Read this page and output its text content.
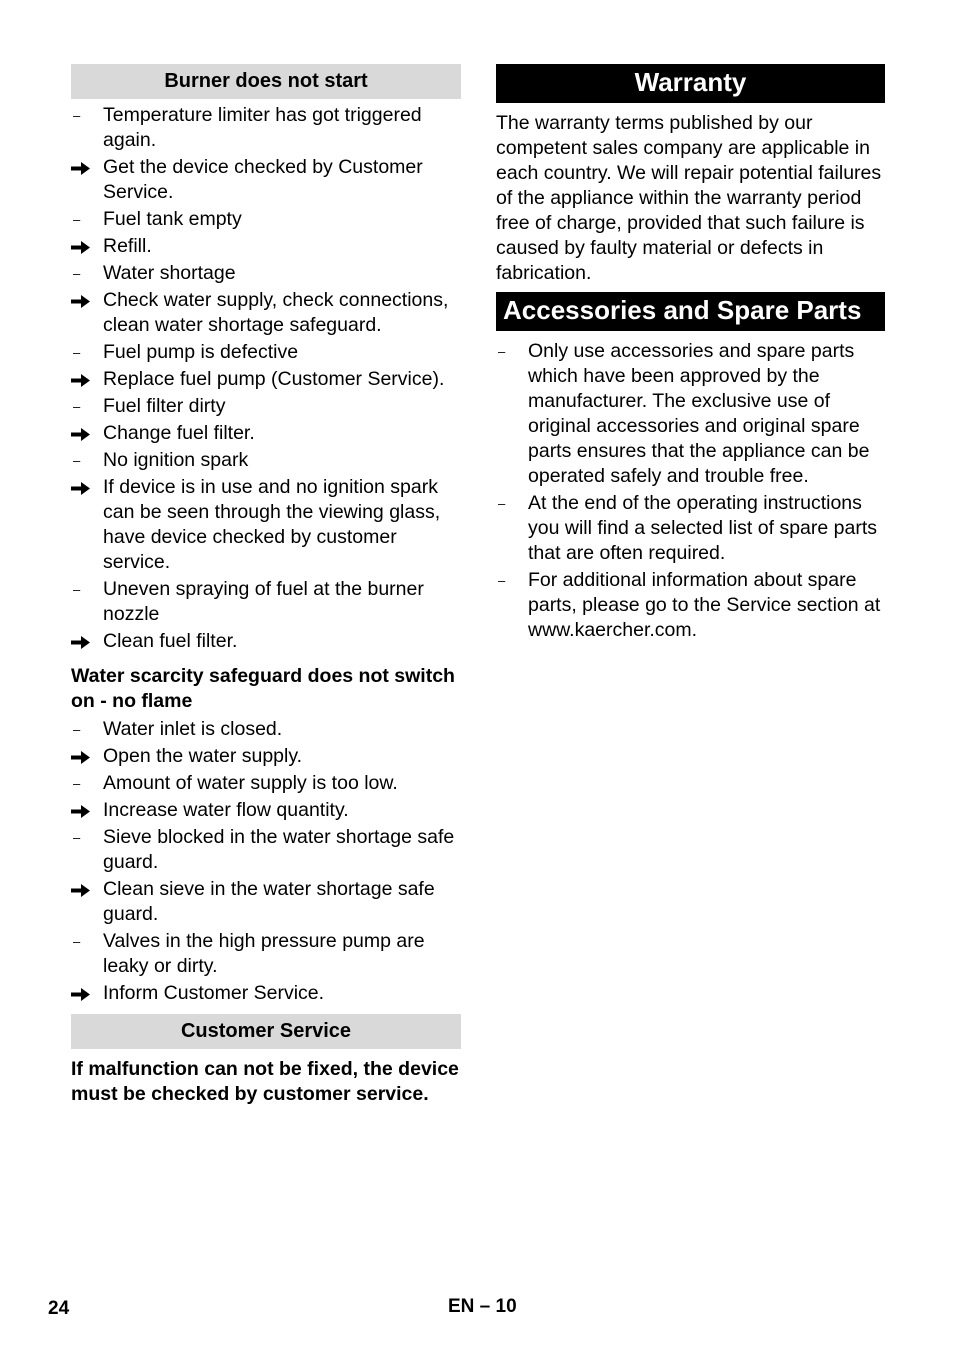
Burner does not start
–	Temperature limiter has got triggered again.
Get the device checked by Customer Service.
–	Fuel tank empty
Refill.
–	Water shortage
Check water supply, check connections, clean water shortage safeguard.
–	Fuel pump is defective
Replace fuel pump (Customer Service).
–	Fuel filter dirty
Change fuel filter.
–	No ignition spark
If device is in use and no ignition spark can be seen through the viewing glass, have device checked by customer service.
–	Uneven spraying of fuel at the burner nozzle
Clean fuel filter.
Water scarcity safeguard does not switch on - no flame
–	Water inlet is closed.
Open the water supply.
–	Amount of water supply is too low.
Increase water flow quantity.
–	Sieve blocked in the water shortage safe guard.
Clean sieve in the water shortage safe guard.
–	Valves in the high pressure pump are leaky or dirty.
Inform Customer Service.
Customer Service
If malfunction can not be fixed, the device must be checked by customer service.
Warranty
The warranty terms published by our competent sales company are applicable in each country. We will repair potential failures of the appliance within the warranty period free of charge, provided that such failure is caused by faulty material or defects in fabrication.
Accessories and Spare Parts
–	Only use accessories and spare parts which have been approved by the manufacturer. The exclusive use of original accessories and original spare parts ensures that the appliance can be operated safely and trouble free.
–	At the end of the operating instructions you will find a selected list of spare parts that are often required.
–	For additional information about spare parts, please go to the Service section at www.kaercher.com.
24	EN – 10
